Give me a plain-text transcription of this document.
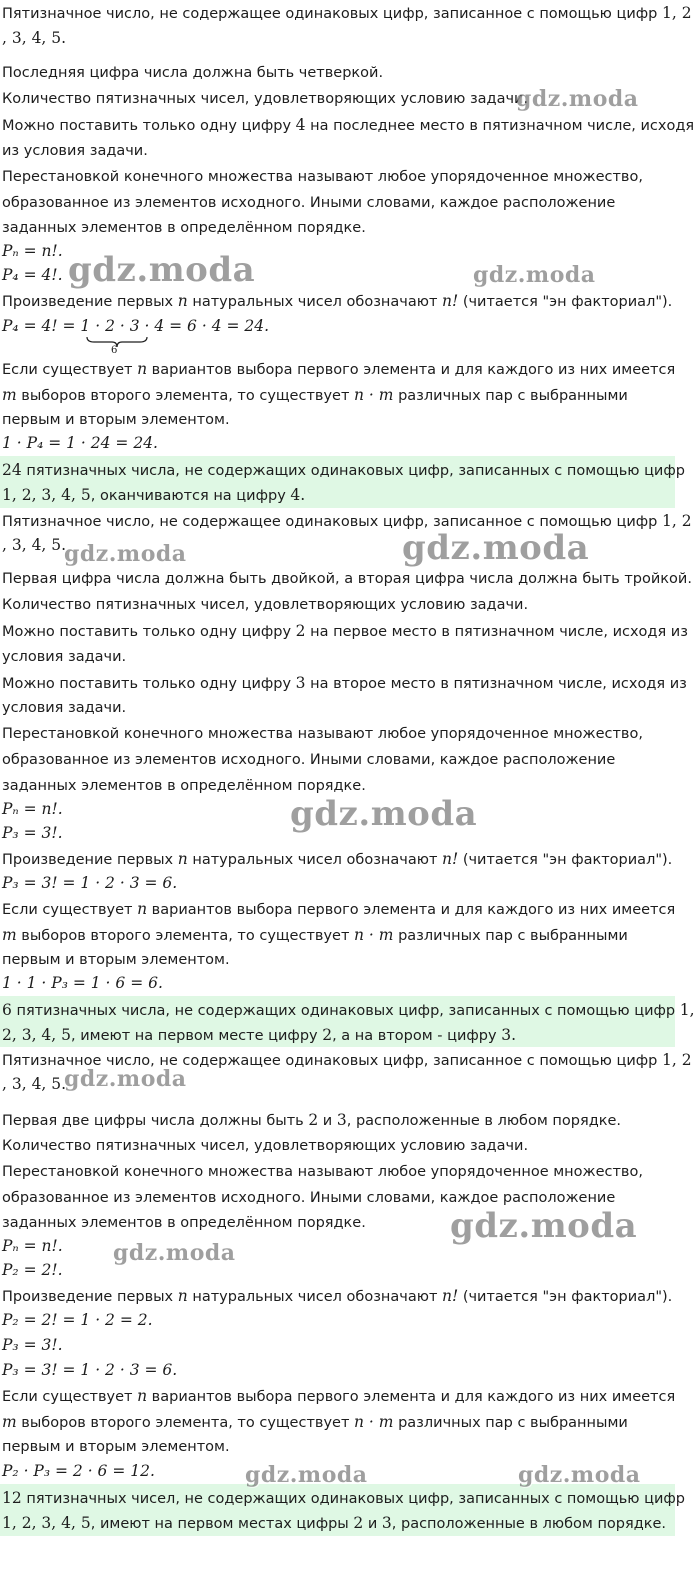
Пятизначное число, не содержащее одинаковых цифр, записанное с помощью цифр 1, 2
, 3, 4, 5.
Последняя цифра числа должна быть четверкой.
Количество пятизначных чисел, удовлетворяющих условию задачи.
Можно поставить только одну цифру 4 на последнее место в пятизначном числе, исходя
из условия задачи.
Перестановкой конечного множества называют любое упорядоченное множество,
образованное из элементов исходного. Иными словами, каждое расположение
заданных элементов в определённом порядке.
Pₙ = n!.
P₄ = 4!.
Произведение первых n натуральных чисел обозначают n! (читается "эн факториал").
P₄ = 4! = 1 · 2 · 3 · 4 = 6 · 4 = 24.
6
Если существует n вариантов выбора первого элемента и для каждого из них имеется
m выборов второго элемента, то существует n · m различных пар с выбранными
первым и вторым элементом.
1 · P₄ = 1 · 24 = 24.
24 пятизначных числа, не содержащих одинаковых цифр, записанных с помощью цифр
1, 2, 3, 4, 5, оканчиваются на цифру 4.
Пятизначное число, не содержащее одинаковых цифр, записанное с помощью цифр 1, 2
, 3, 4, 5.
Первая цифра числа должна быть двойкой, а вторая цифра числа должна быть тройкой.
Количество пятизначных чисел, удовлетворяющих условию задачи.
Можно поставить только одну цифру 2 на первое место в пятизначном числе, исходя из
условия задачи.
Можно поставить только одну цифру 3 на второе место в пятизначном числе, исходя из
условия задачи.
Перестановкой конечного множества называют любое упорядоченное множество,
образованное из элементов исходного. Иными словами, каждое расположение
заданных элементов в определённом порядке.
Pₙ = n!.
P₃ = 3!.
Произведение первых n натуральных чисел обозначают n! (читается "эн факториал").
P₃ = 3! = 1 · 2 · 3 = 6.
Если существует n вариантов выбора первого элемента и для каждого из них имеется
m выборов второго элемента, то существует n · m различных пар с выбранными
первым и вторым элементом.
1 · 1 · P₃ = 1 · 6 = 6.
6 пятизначных числа, не содержащих одинаковых цифр, записанных с помощью цифр 1,
2, 3, 4, 5, имеют на первом месте цифру 2, а на втором - цифру 3.
Пятизначное число, не содержащее одинаковых цифр, записанное с помощью цифр 1, 2
, 3, 4, 5.
Первая две цифры числа должны быть 2 и 3, расположенные в любом порядке.
Количество пятизначных чисел, удовлетворяющих условию задачи.
Перестановкой конечного множества называют любое упорядоченное множество,
образованное из элементов исходного. Иными словами, каждое расположение
заданных элементов в определённом порядке.
Pₙ = n!.
P₂ = 2!.
Произведение первых n натуральных чисел обозначают n! (читается "эн факториал").
P₂ = 2! = 1 · 2 = 2.
P₃ = 3!.
P₃ = 3! = 1 · 2 · 3 = 6.
Если существует n вариантов выбора первого элемента и для каждого из них имеется
m выборов второго элемента, то существует n · m различных пар с выбранными
первым и вторым элементом.
P₂ · P₃ = 2 · 6 = 12.
12 пятизначных чисел, не содержащих одинаковых цифр, записанных с помощью цифр
1, 2, 3, 4, 5, имеют на первом местах цифры 2 и 3, расположенные в любом порядке.
gdz.moda
gdz.moda	gdz.moda
gdz.moda	gdz.moda
gdz.moda
gdz.moda
gdz.moda
gdz.moda
gdz.moda	gdz.moda
